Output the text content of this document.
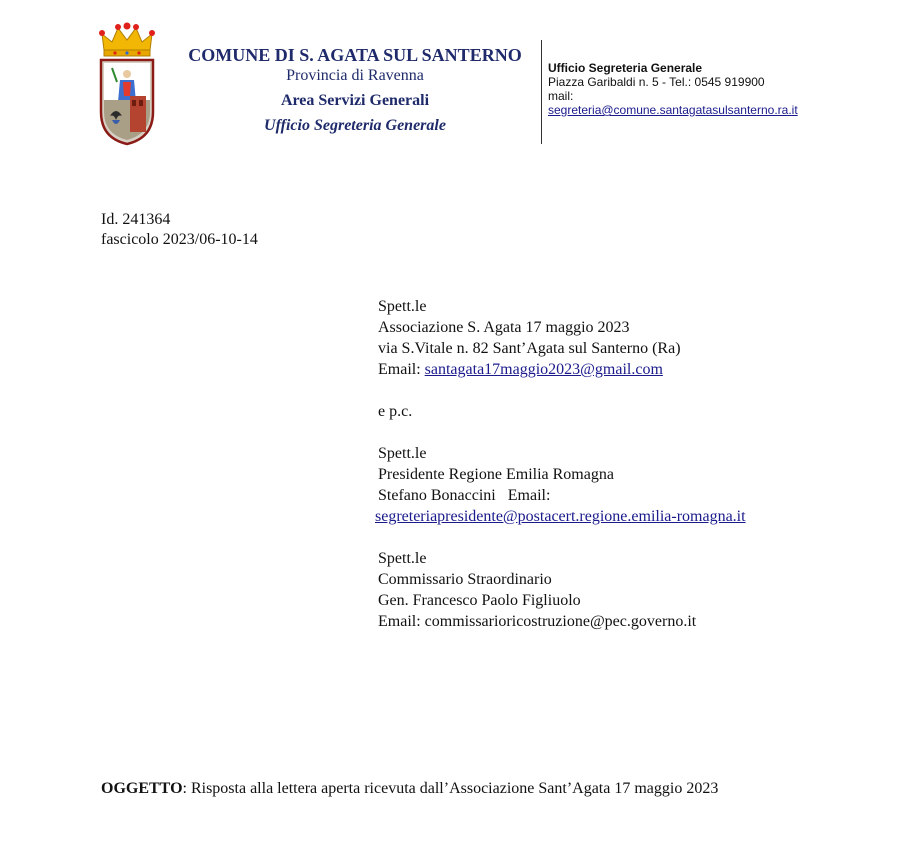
COMUNE DI S. AGATA SUL SANTERNO
Provincia di Ravenna
Area Servizi Generali
Ufficio Segreteria Generale
Ufficio Segreteria Generale
Piazza Garibaldi n. 5 - Tel.: 0545 919900
mail:
segreteria@comune.santagatasulsanterno.ra.it
Id. 241364
fascicolo 2023/06-10-14
Spett.le
Associazione S. Agata 17 maggio 2023
via S.Vitale n. 82 Sant’Agata sul Santerno (Ra)
Email: santagata17maggio2023@gmail.com
e p.c.
Spett.le
Presidente Regione Emilia Romagna
Stefano Bonaccini   Email:
segreteriapresidente@postacert.regione.emilia-romagna.it
Spett.le
Commissario Straordinario
Gen. Francesco Paolo Figliuolo
Email: commissarioricostruzione@pec.governo.it
OGGETTO: Risposta alla lettera aperta ricevuta dall’Associazione Sant’Agata 17 maggio 2023
